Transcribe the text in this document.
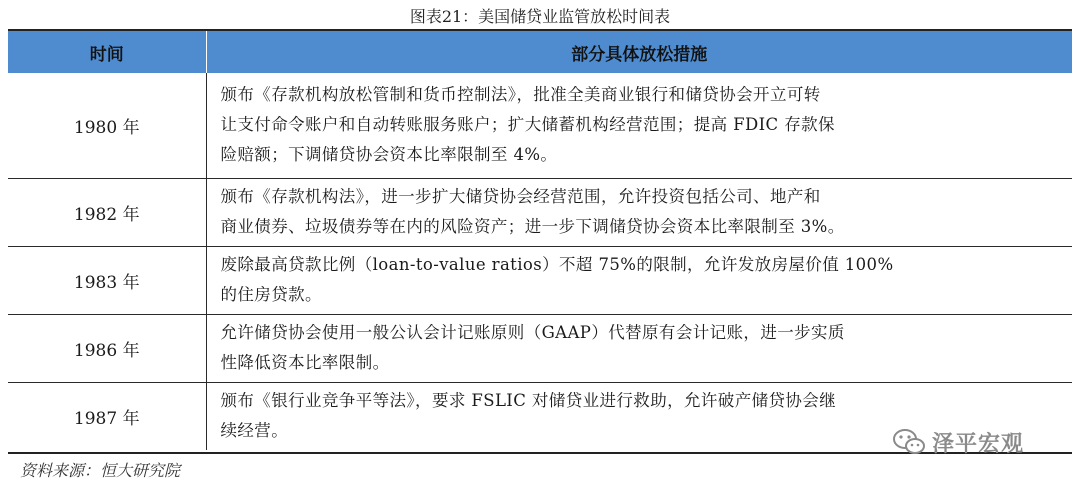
图表21：美国储贷业监管放松时间表
时间	部分具体放松措施
1980 年	颁布《存款机构放松管制和货币控制法》，批准全美商业银行和储贷协会开立可转
让支付命令账户和自动转账服务账户；扩大储蓄机构经营范围；提高 FDIC 存款保
险赔额；下调储贷协会资本比率限制至 4%。

1982 年	颁布《存款机构法》，进一步扩大储贷协会经营范围，允许投资包括公司、地产和
商业债券、垃圾债券等在内的风险资产；进一步下调储贷协会资本比率限制至 3%。

1983 年	废除最高贷款比例（loan-to-value ratios）不超 75%的限制，允许发放房屋价值 100%
的住房贷款。

1986 年	允许储贷协会使用一般公认会计记账原则（GAAP）代替原有会计记账，进一步实质
性降低资本比率限制。

1987 年	颁布《银行业竞争平等法》，要求 FSLIC 对储贷业进行救助，允许破产储贷协会继
续经营。
资料来源：恒大研究院
泽平宏观
